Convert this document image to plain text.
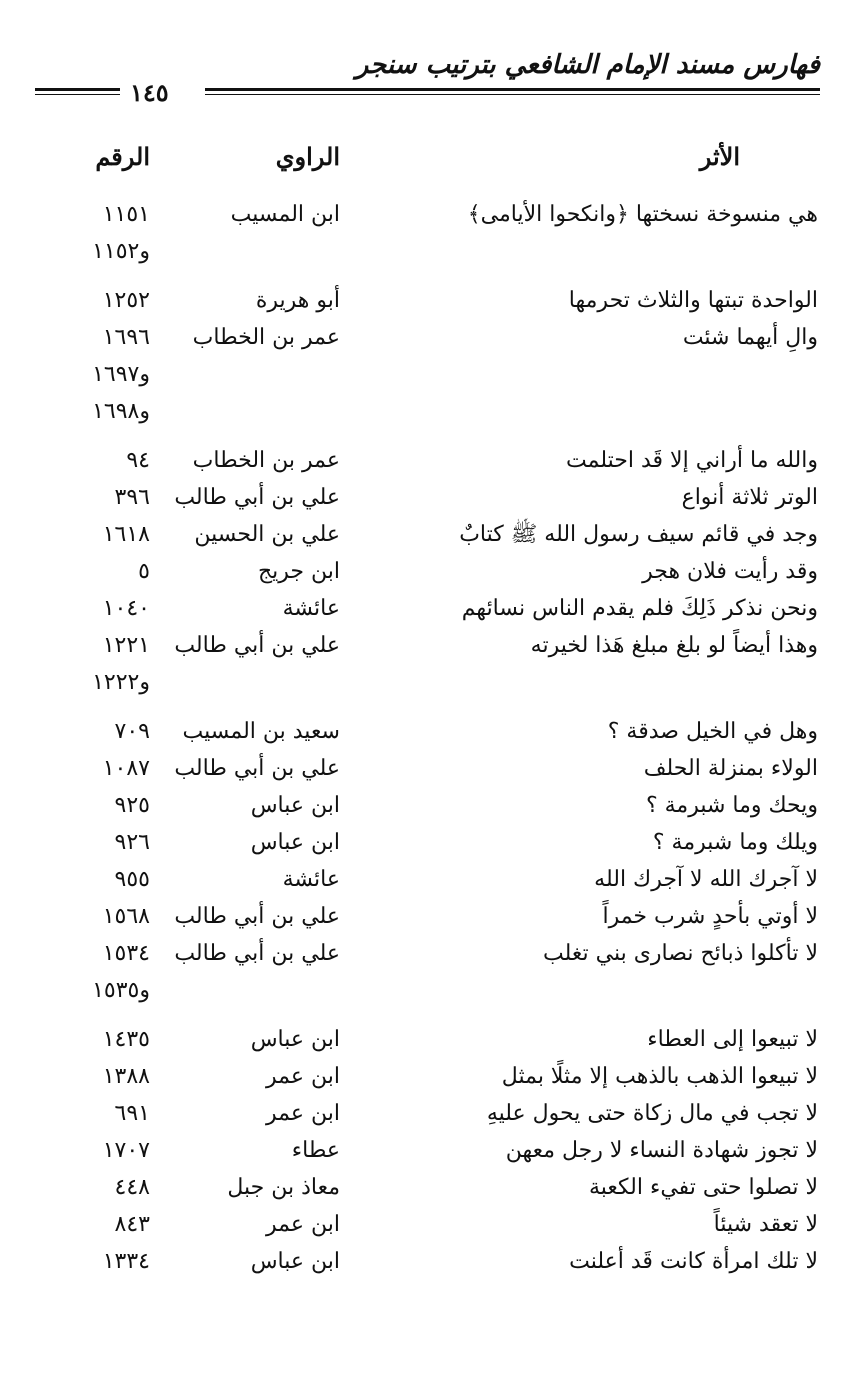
فهارس مسند الإمام الشافعي بترتيب سنجر
١٤٥
الأثر
الراوي
الرقم
هي منسوخة نسختها ﴿وانكحوا الأيامى﴾
ابن المسيب
١١٥١
و١١٥٢
الواحدة تبتها والثلاث تحرمها
أبو هريرة
١٢٥٢
والِ أيهما شئت
عمر بن الخطاب
١٦٩٦
و١٦٩٧
و١٦٩٨
والله ما أراني إلا قَد احتلمت
عمر بن الخطاب
٩٤
الوتر ثلاثة أنواع
علي بن أبي طالب
٣٩٦
وجد في قائم سيف رسول الله ﷺ كتابٌ
علي بن الحسين
١٦١٨
وقد رأيت فلان هجر
ابن جريج
٥
ونحن نذكر ذَلِكَ فلم يقدم الناس نسائهم
عائشة
١٠٤٠
وهذا أيضاً لو بلغ مبلغ هَذا لخيرته
علي بن أبي طالب
١٢٢١
و١٢٢٢
وهل في الخيل صدقة ؟
سعيد بن المسيب
٧٠٩
الولاء بمنزلة الحلف
علي بن أبي طالب
١٠٨٧
ويحك وما شبرمة ؟
ابن عباس
٩٢٥
ويلك وما شبرمة ؟
ابن عباس
٩٢٦
لا آجرك الله لا آجرك الله
عائشة
٩٥٥
لا أوتي بأحدٍ شرب خمراً
علي بن أبي طالب
١٥٦٨
لا تأكلوا ذبائح نصارى بني تغلب
علي بن أبي طالب
١٥٣٤
و١٥٣٥
لا تبيعوا إلى العطاء
ابن عباس
١٤٣٥
لا تبيعوا الذهب بالذهب إلا مثلًا بمثل
ابن عمر
١٣٨٨
لا تجب في مال زكاة حتى يحول عليهِ
ابن عمر
٦٩١
لا تجوز شهادة النساء لا رجل معهن
عطاء
١٧٠٧
لا تصلوا حتى تفيء الكعبة
معاذ بن جبل
٤٤٨
لا تعقد شيئاً
ابن عمر
٨٤٣
لا تلك امرأة كانت قَد أعلنت
ابن عباس
١٣٣٤
